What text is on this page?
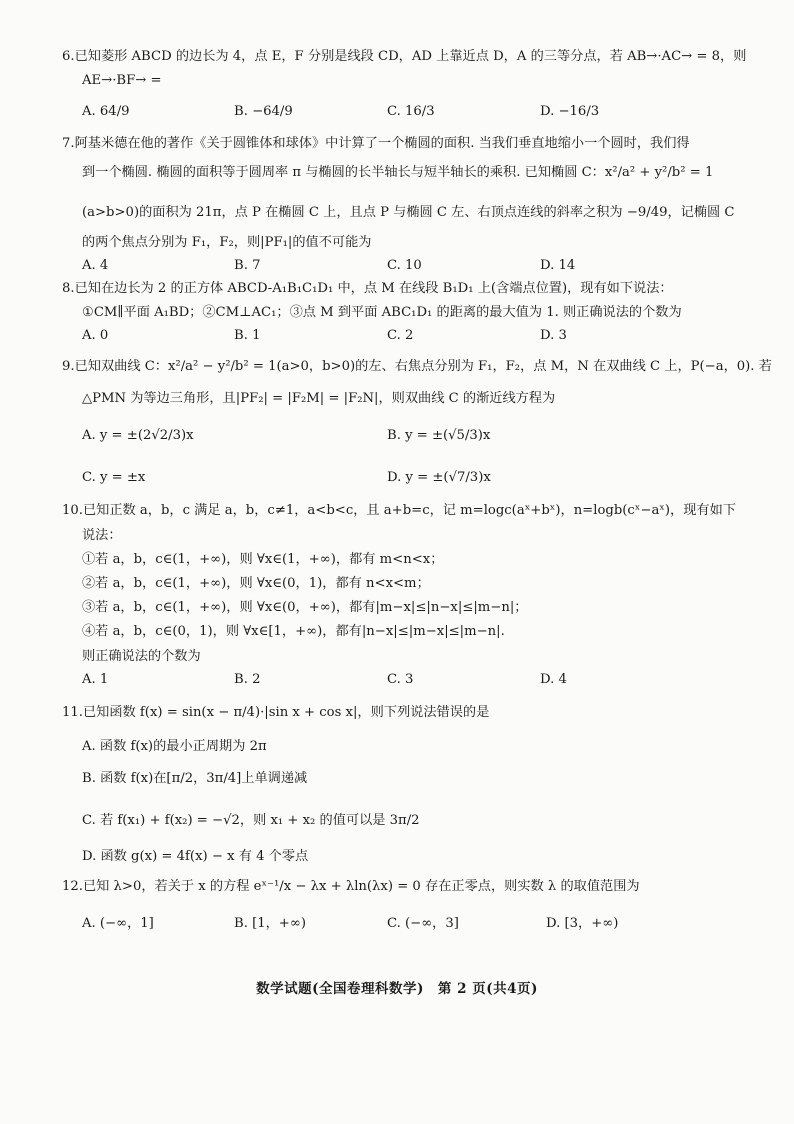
6.已知菱形 ABCD 的边长为 4，点 E，F 分别是线段 CD，AD 上靠近点 D，A 的三等分点，若 AB→·AC→ = 8，则
AE→·BF→ =
A. 64/9	B. −64/9	C. 16/3	D. −16/3
7.阿基米德在他的著作《关于圆锥体和球体》中计算了一个椭圆的面积. 当我们垂直地缩小一个圆时，我们得
到一个椭圆. 椭圆的面积等于圆周率 π 与椭圆的长半轴长与短半轴长的乘积. 已知椭圆 C：x²/a² + y²/b² = 1
(a>b>0)的面积为 21π，点 P 在椭圆 C 上，且点 P 与椭圆 C 左、右顶点连线的斜率之积为 −9/49，记椭圆 C
的两个焦点分别为 F₁，F₂，则|PF₁|的值不可能为
A. 4	B. 7	C. 10	D. 14
8.已知在边长为 2 的正方体 ABCD-A₁B₁C₁D₁ 中，点 M 在线段 B₁D₁ 上(含端点位置)，现有如下说法：
①CM∥平面 A₁BD；②CM⊥AC₁；③点 M 到平面 ABC₁D₁ 的距离的最大值为 1. 则正确说法的个数为
A. 0	B. 1	C. 2	D. 3
9.已知双曲线 C：x²/a² − y²/b² = 1(a>0，b>0)的左、右焦点分别为 F₁，F₂，点 M，N 在双曲线 C 上，P(−a，0). 若
△PMN 为等边三角形，且|PF₂| = |F₂M| = |F₂N|，则双曲线 C 的渐近线方程为
A. y = ±(2√2/3)x	B. y = ±(√5/3)x
C. y = ±x	D. y = ±(√7/3)x
10.已知正数 a，b，c 满足 a，b，c≠1，a<b<c，且 a+b=c，记 m=logc(aˣ+bˣ)，n=logb(cˣ−aˣ)，现有如下
说法：
①若 a，b，c∈(1，+∞)，则 ∀x∈(1，+∞)，都有 m<n<x；
②若 a，b，c∈(1，+∞)，则 ∀x∈(0，1)，都有 n<x<m；
③若 a，b，c∈(1，+∞)，则 ∀x∈(0，+∞)，都有|m−x|≤|n−x|≤|m−n|；
④若 a，b，c∈(0，1)，则 ∀x∈[1，+∞)，都有|n−x|≤|m−x|≤|m−n|.
则正确说法的个数为
A. 1	B. 2	C. 3	D. 4
11.已知函数 f(x) = sin(x − π/4)·|sin x + cos x|，则下列说法错误的是
A. 函数 f(x)的最小正周期为 2π
B. 函数 f(x)在[π/2，3π/4]上单调递减
C. 若 f(x₁) + f(x₂) = −√2，则 x₁ + x₂ 的值可以是 3π/2
D. 函数 g(x) = 4f(x) − x 有 4 个零点
12.已知 λ>0，若关于 x 的方程 eˣ⁻¹/x − λx + λln(λx) = 0 存在正零点，则实数 λ 的取值范围为
A. (−∞，1]	B. [1，+∞)	C. (−∞，3]	D. [3，+∞)
数学试题(全国卷理科数学)　第 2 页(共4页)
